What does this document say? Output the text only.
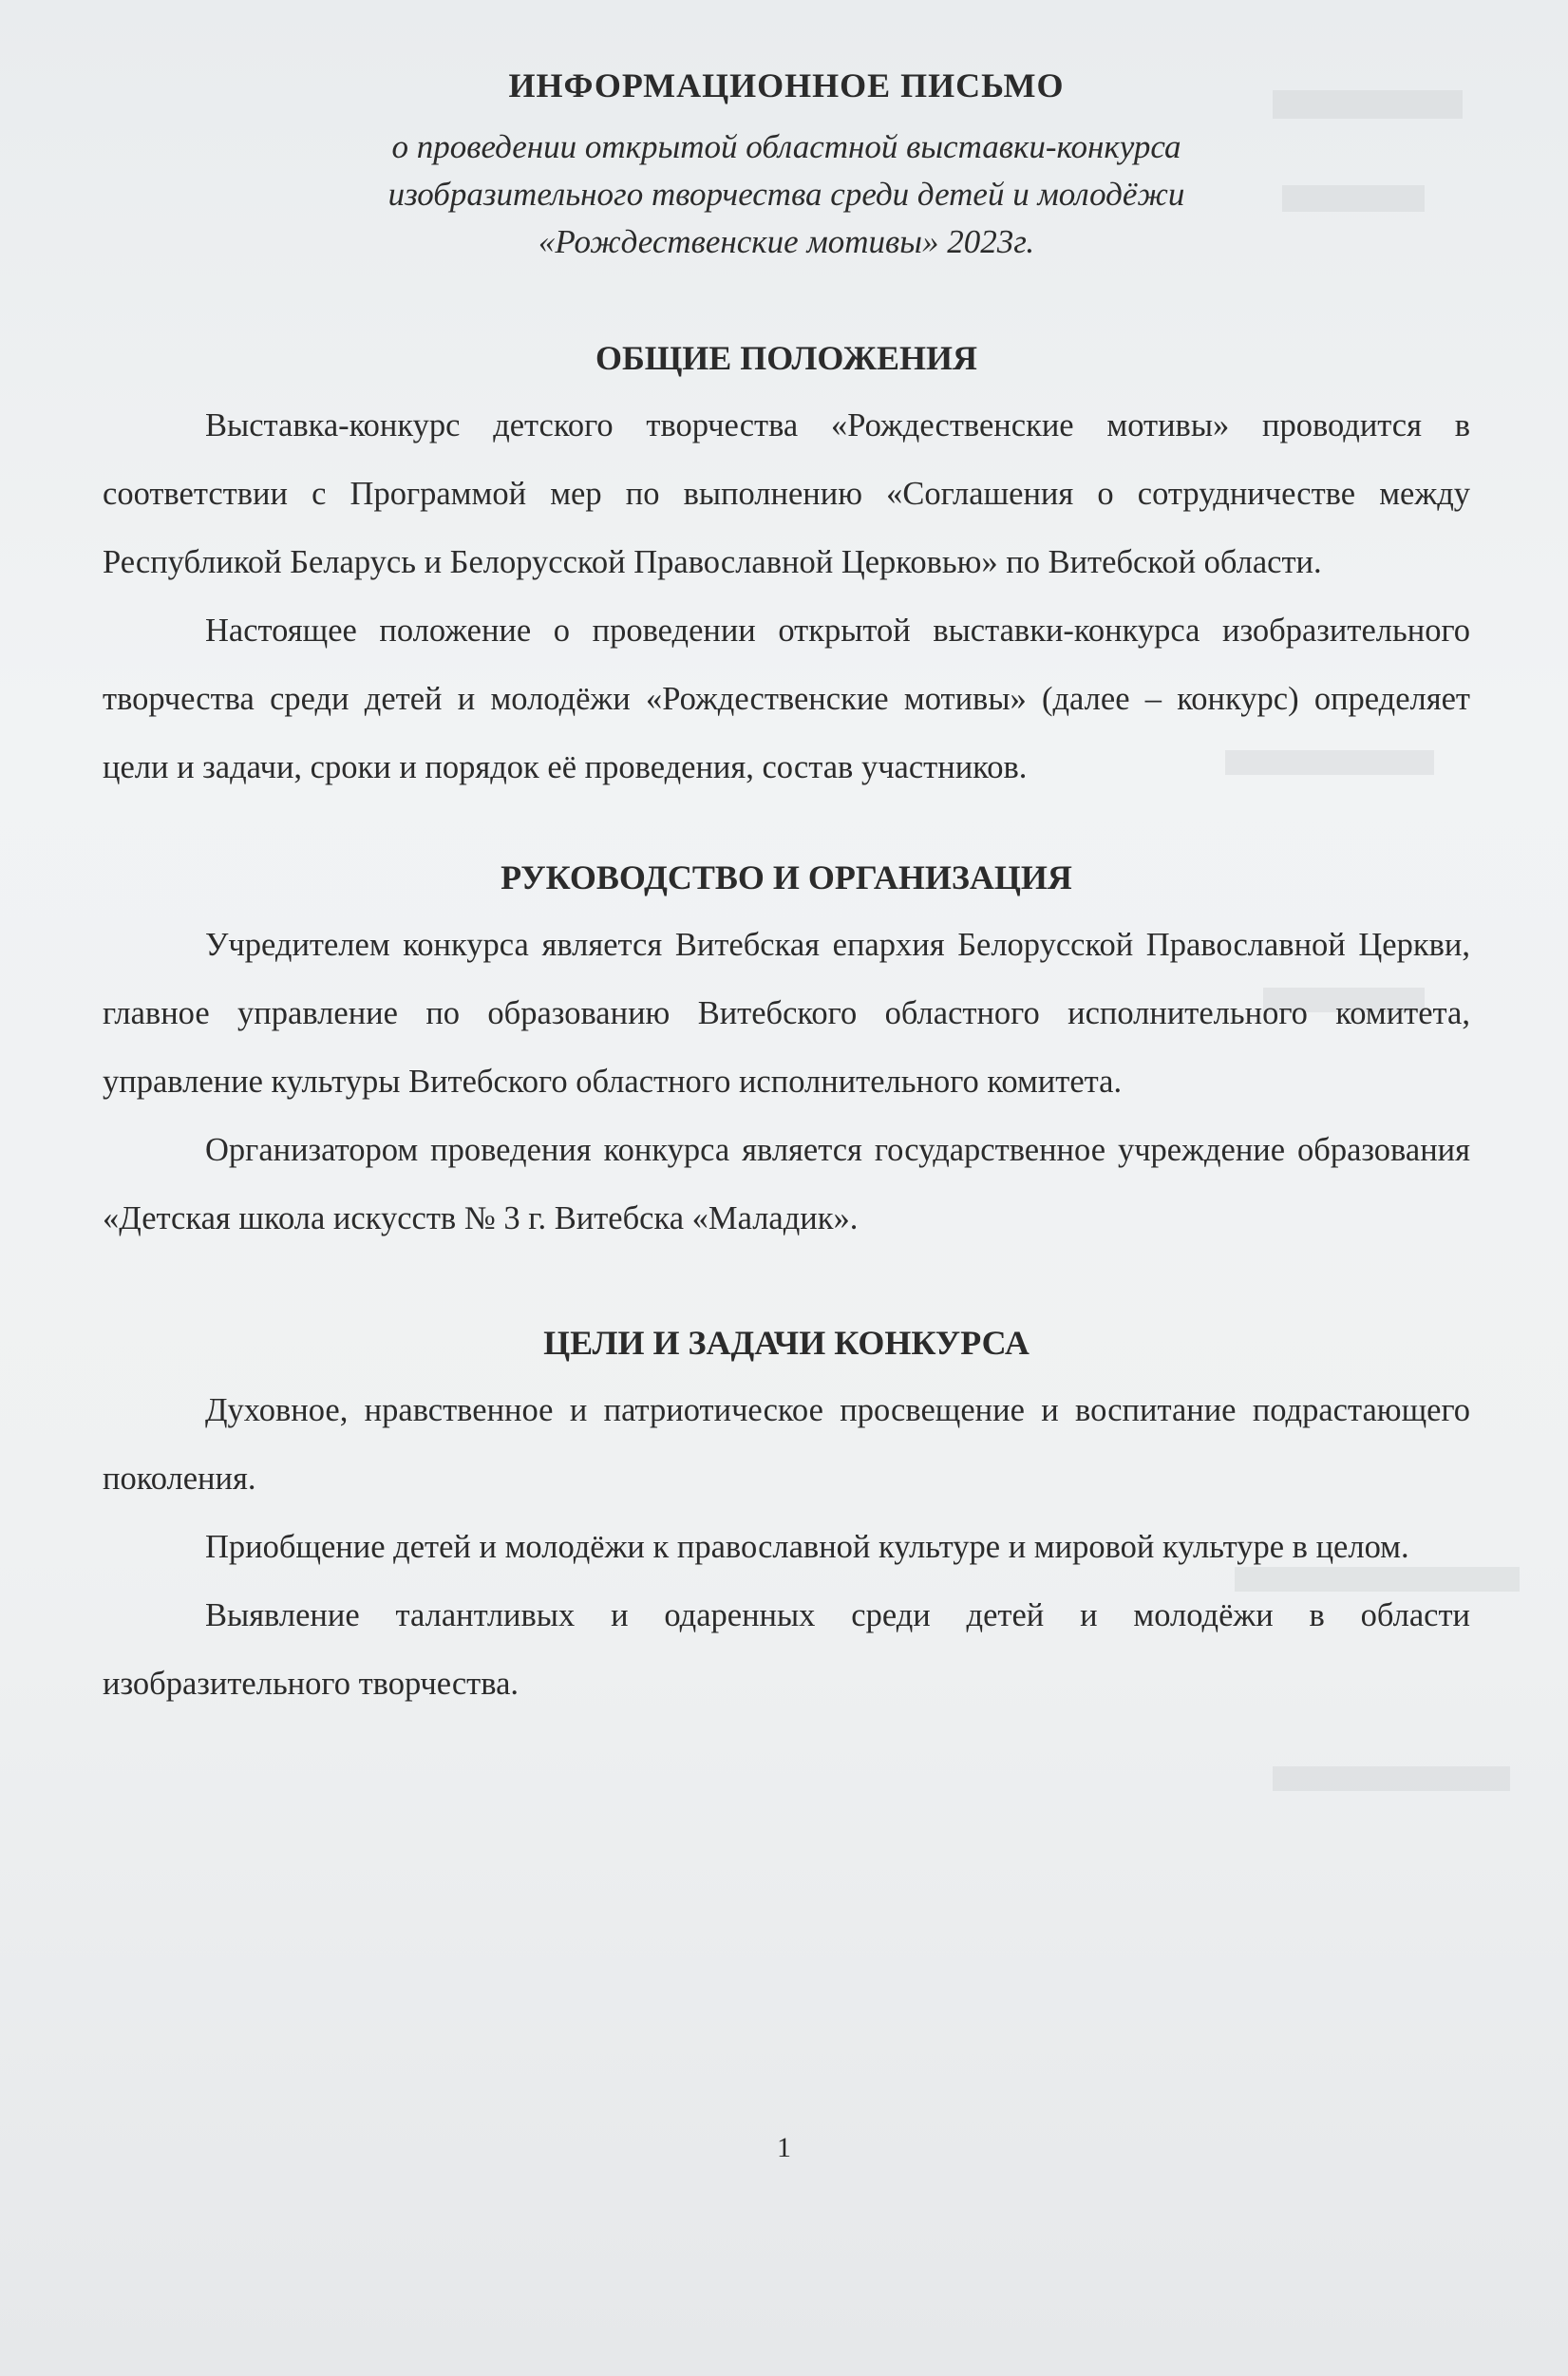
ИНФОРМАЦИОННОЕ ПИСЬМО

о проведении открытой областной выставки-конкурса

изобразительного творчества среди детей и молодёжи

«Рождественские мотивы» 2023г.

ОБЩИЕ ПОЛОЖЕНИЯ

Выставка-конкурс детского творчества «Рождественские мотивы» проводится в соответствии с Программой мер по выполнению «Соглашения о сотрудничестве между Республикой Беларусь и Белорусской Православной Церковью» по Витебской области.

Настоящее положение о проведении открытой выставки-конкурса изобразительного творчества среди детей и молодёжи «Рождественские мотивы» (далее – конкурс) определяет цели и задачи, сроки и порядок её проведения, состав участников.

РУКОВОДСТВО И ОРГАНИЗАЦИЯ

Учредителем конкурса является Витебская епархия Белорусской Православной Церкви, главное управление по образованию Витебского областного исполнительного комитета, управление культуры Витебского областного исполнительного комитета.

Организатором проведения конкурса является государственное учреждение образования «Детская школа искусств № 3 г. Витебска «Маладик».

ЦЕЛИ И ЗАДАЧИ КОНКУРСА

Духовное, нравственное и патриотическое просвещение и воспитание подрастающего поколения.

Приобщение детей и молодёжи к православной культуре и мировой культуре в целом.

Выявление талантливых и одаренных среди детей и молодёжи в области изобразительного творчества.

1
